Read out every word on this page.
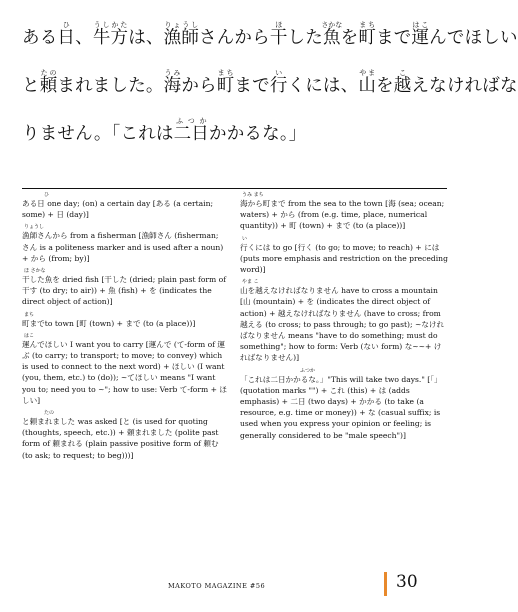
ある日ひ、牛方うしかたは、漁師りょうしさんから干ほした魚さかなを町まちまで運はこんでほしい

と頼たのまれました。海うみから町まちまで行いくには、山やまを越こえなければな

りません。「これは二日ふつかかかるな。」

ひ
ある日 one day; (on) a certain day [ある (a certain; some) + 日 (day)]
りょうし
漁師さんから from a fisherman [漁師さん (fisherman; さん is a politeness marker and is used after a noun) + から (from; by)]
ほ さかな
干した魚を dried fish [干した (dried; plain past form of 干す (to dry; to air)) + 魚 (fish) + を (indicates the direct object of action)]
まち
町までto town [町 (town) + まで (to (a place))]
はこ
運んでほしい I want you to carry [運んで (て-form of 運ぶ (to carry; to transport; to move; to convey) which is used to connect to the next word) + ほしい (I want (you, them, etc.) to (do)); ~てほしい means "I want you to; need you to ~"; how to use: Verb て-form + ほしい]
たの
と頼まれました was asked [と (is used for quoting (thoughts, speech, etc.)) + 頼まれました (polite past form of 頼まれる (plain passive positive form of 頼む (to ask; to request; to beg)))]
うみ まち
海から町まで from the sea to the town [海 (sea; ocean; waters) + から (from (e.g. time, place, numerical quantity)) + 町 (town) + まで (to (a place))]
い
行くには to go [行く (to go; to move; to reach) + には (puts more emphasis and restriction on the preceding word)]
やま こ
山を越えなければなりません have to cross a mountain [山 (mountain) + を (indicates the direct object of action) + 越えなければなりません (have to cross; from 越える (to cross; to pass through; to go past); ~なければなりません means "have to do something; must do something"; how to form: Verb (ない form) な~~+ ければなりません)]
ふつか
「これは二日かかるな。」"This will take two days." [「」(quotation marks "") + これ (this) + は (adds emphasis) + 二日 (two days) + かかる (to take (a resource, e.g. time or money)) + な (casual suffix; is used when you express your opinion or feeling; is generally considered to be "male speech")]
MAKOTO MAGAZINE #56	30
